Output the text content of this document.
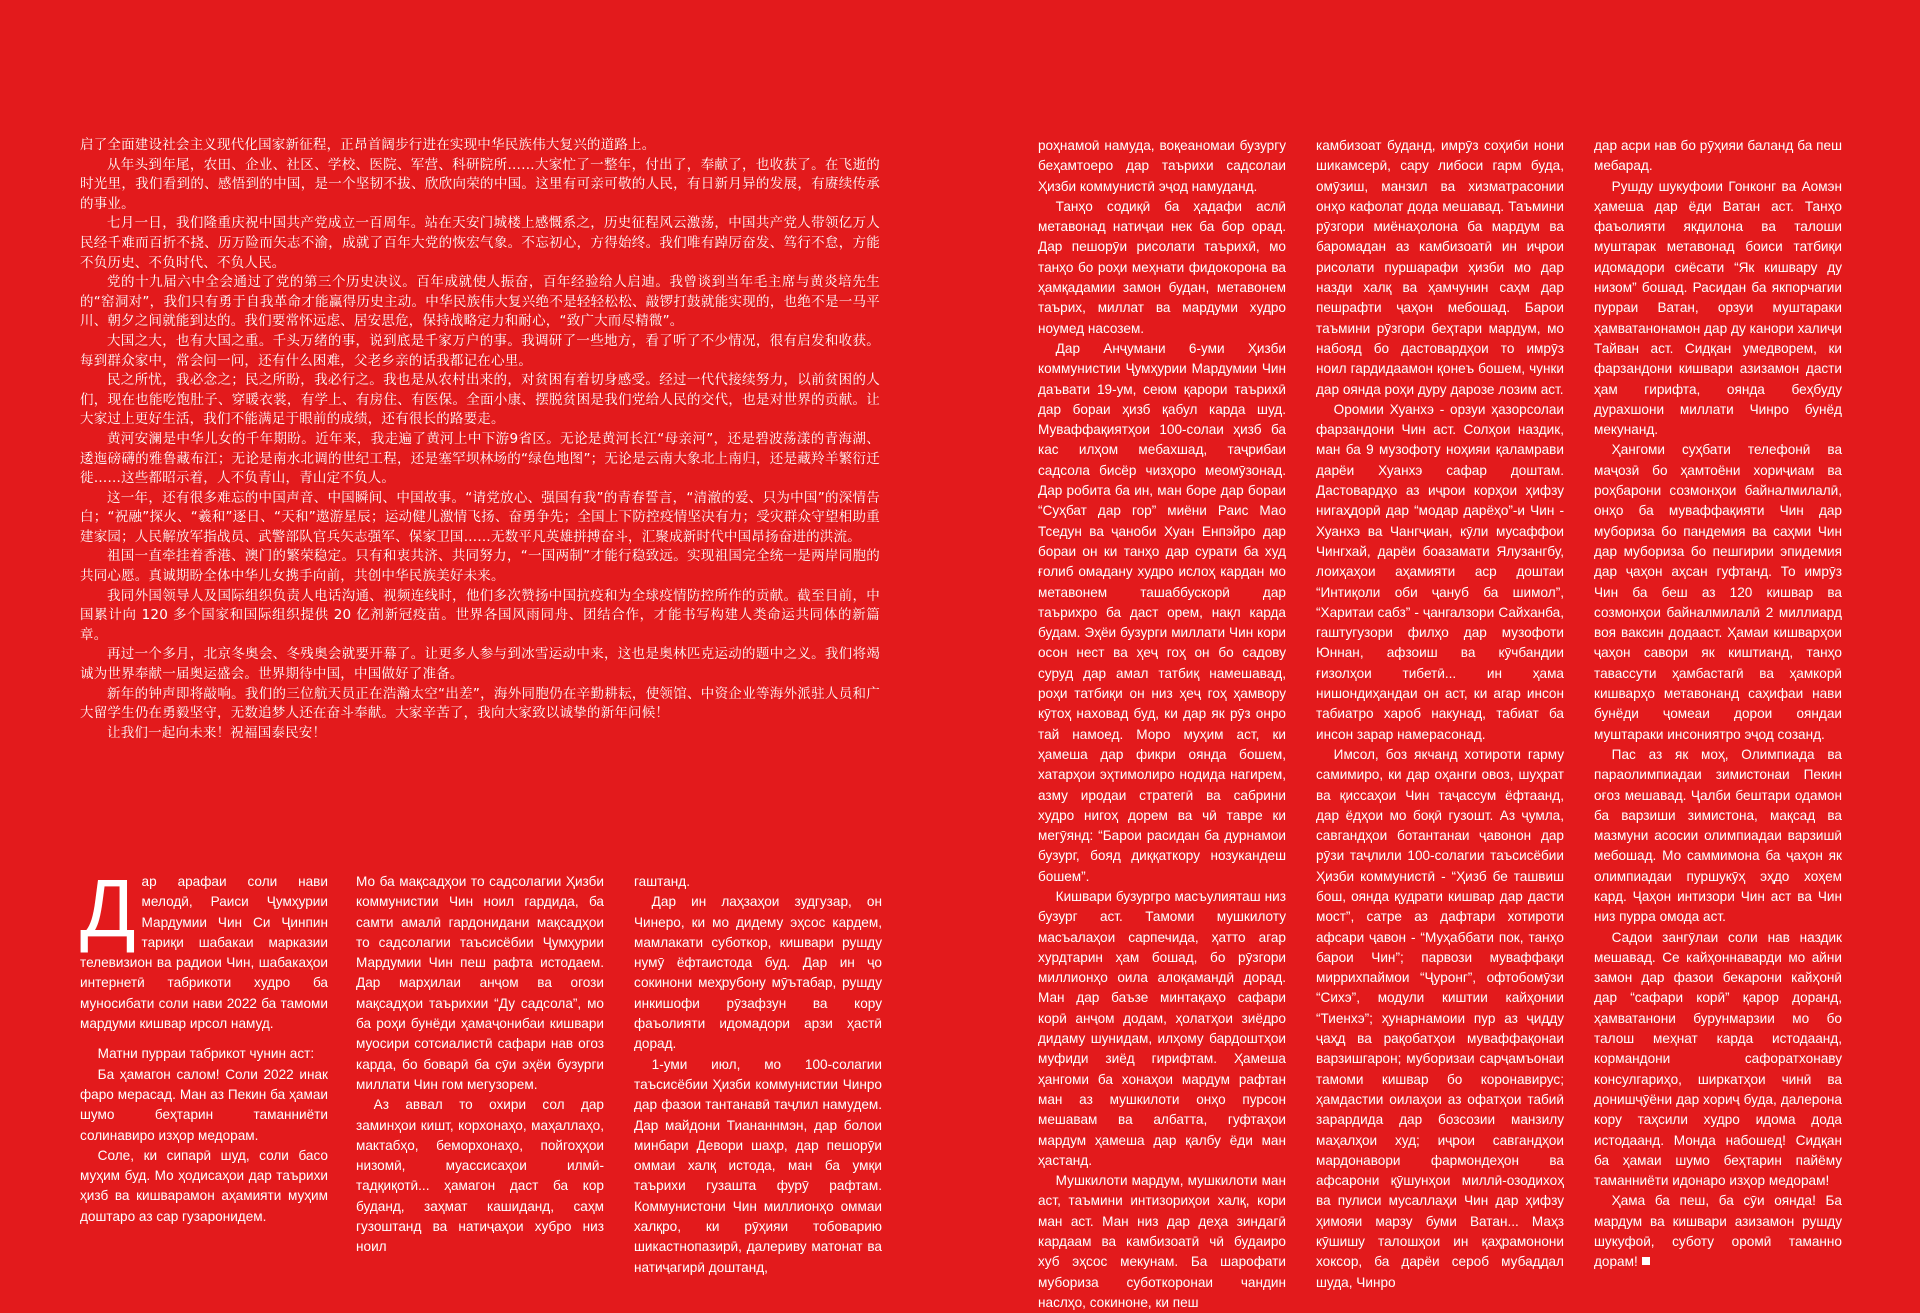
启了全面建设社会主义现代化国家新征程，正昂首阔步行进在实现中华民族伟大复兴的道路上。

从年头到年尾，农田、企业、社区、学校、医院、军营、科研院所……大家忙了一整年，付出了，奉献了，也收获了。在飞逝的时光里，我们看到的、感悟到的中国，是一个坚韧不拔、欣欣向荣的中国。这里有可亲可敬的人民，有日新月异的发展，有赓续传承的事业。

七月一日，我们隆重庆祝中国共产党成立一百周年。站在天安门城楼上感慨系之，历史征程风云激荡，中国共产党人带领亿万人民经千难而百折不挠、历万险而矢志不渝，成就了百年大党的恢宏气象。不忘初心，方得始终。我们唯有踔厉奋发、笃行不怠，方能不负历史、不负时代、不负人民。

党的十九届六中全会通过了党的第三个历史决议。百年成就使人振奋，百年经验给人启迪。我曾谈到当年毛主席与黄炎培先生的“窑洞对”，我们只有勇于自我革命才能赢得历史主动。中华民族伟大复兴绝不是轻轻松松、敲锣打鼓就能实现的，也绝不是一马平川、朝夕之间就能到达的。我们要常怀远虑、居安思危，保持战略定力和耐心，“致广大而尽精微”。

大国之大，也有大国之重。千头万绪的事，说到底是千家万户的事。我调研了一些地方，看了听了不少情况，很有启发和收获。每到群众家中，常会问一问，还有什么困难，父老乡亲的话我都记在心里。

民之所忧，我必念之；民之所盼，我必行之。我也是从农村出来的，对贫困有着切身感受。经过一代代接续努力，以前贫困的人们，现在也能吃饱肚子、穿暖衣裳，有学上、有房住、有医保。全面小康、摆脱贫困是我们党给人民的交代，也是对世界的贡献。让大家过上更好生活，我们不能满足于眼前的成绩，还有很长的路要走。

黄河安澜是中华儿女的千年期盼。近年来，我走遍了黄河上中下游9省区。无论是黄河长江“母亲河”，还是碧波荡漾的青海湖、逶迤磅礴的雅鲁藏布江；无论是南水北调的世纪工程，还是塞罕坝林场的“绿色地图”；无论是云南大象北上南归，还是藏羚羊繁衍迁徙……这些都昭示着，人不负青山，青山定不负人。

这一年，还有很多难忘的中国声音、中国瞬间、中国故事。“请党放心、强国有我”的青春誓言，“清澈的爱、只为中国”的深情告白；“祝融”探火、“羲和”逐日、“天和”遨游星辰；运动健儿激情飞扬、奋勇争先；全国上下防控疫情坚决有力；受灾群众守望相助重建家园；人民解放军指战员、武警部队官兵矢志强军、保家卫国……无数平凡英雄拼搏奋斗，汇聚成新时代中国昂扬奋进的洪流。

祖国一直牵挂着香港、澳门的繁荣稳定。只有和衷共济、共同努力，“一国两制”才能行稳致远。实现祖国完全统一是两岸同胞的共同心愿。真诚期盼全体中华儿女携手向前，共创中华民族美好未来。

我同外国领导人及国际组织负责人电话沟通、视频连线时，他们多次赞扬中国抗疫和为全球疫情防控所作的贡献。截至目前，中国累计向 120 多个国家和国际组织提供 20 亿剂新冠疫苗。世界各国风雨同舟、团结合作，才能书写构建人类命运共同体的新篇章。

再过一个多月，北京冬奥会、冬残奥会就要开幕了。让更多人参与到冰雪运动中来，这也是奥林匹克运动的题中之义。我们将竭诚为世界奉献一届奥运盛会。世界期待中国，中国做好了准备。

新年的钟声即将敲响。我们的三位航天员正在浩瀚太空“出差”，海外同胞仍在辛勤耕耘，使领馆、中资企业等海外派驻人员和广大留学生仍在勇毅坚守，无数追梦人还在奋斗奉献。大家辛苦了，我向大家致以诚挚的新年问候！

让我们一起向未来！祝福国泰民安！

Дар арафаи соли нави мелодӣ, Раиси Ҷумҳурии Мардумии Чин Си Ҷинпин тариқи шабакаи марказии телевизион ва радиои Чин, шабакаҳои интернетӣ табрикоти худро ба муносибати соли нави 2022 ба тамоми мардуми кишвар ирсол намуд.

Матни пурраи табрикот чунин аст:

Ба ҳамагон салом! Соли 2022 инак фаро мерасад. Ман аз Пекин ба ҳамаи шумо беҳтарин таманниёти солинавиро изҳор медорам.

Соле, ки сипарӣ шуд, соли басо муҳим буд. Мо ҳодисаҳои дар таърихи ҳизб ва кишварамон аҳамияти муҳим доштаро аз сар гузаронидем.

Мо ба мақсадҳои то садсолагии Ҳизби коммунистии Чин ноил гардида, ба самти амалӣ гардонидани мақсадҳои то садсолагии таъсисёбии Ҷумҳурии Мардумии Чин пеш рафта истодаем. Дар марҳилаи анҷом ва огози мақсадҳои таърихии “Ду садсола”, мо ба роҳи бунёди ҳамаҷонибаи кишвари муосири сотсиалистӣ сафари нав огоз карда, бо боварӣ ба сӯи эҳёи бузурги миллати Чин гом мегузорем.

Аз аввал то охири сол дар заминҳои кишт, корхонаҳо, маҳаллаҳо, мактабҳо, беморхонаҳо, пойгоҳҳои низомӣ, муассисаҳои илмӣ-тадқиқотӣ... ҳамагон даст ба кор буданд, заҳмат кашиданд, саҳм гузоштанд ва натиҷаҳои хубро низ ноил

гаштанд.

Дар ин лаҳзаҳои зудгузар, он Чинеро, ки мо дидему эҳсос кардем, мамлакати суботкор, кишвари рушду нумӯ ёфтаистода буд. Дар ин ҷо сокинони меҳрубону мӯътабар, рушду инкишофи рӯзафзун ва кору фаъолияти идомадори арзи ҳастӣ дорад.

1-уми июл, мо 100-солагии таъсисёбии Ҳизби коммунистии Чинро дар фазои тантанавӣ таҷлил намудем. Дар майдони Тиананнмэн, дар болои минбари Девори шаҳр, дар пешорӯи оммаи халқ истода, ман ба умқи таърихи гузашта фурӯ рафтам. Коммунистони Чин миллионҳо оммаи халқро, ки рӯҳияи тобоварию шикастнопазирӣ, далериву матонат ва натиҷагирӣ доштанд,

роҳнамоӣ намуда, воқеаномаи бузургу беҳамтоеро дар таърихи садсолаи Ҳизби коммунистӣ эҷод намуданд.

Танҳо содиқӣ ба ҳадафи аслӣ метавонад натиҷаи нек ба бор орад. Дар пешорӯи рисолати таърихӣ, мо танҳо бо роҳи меҳнати фидокорона ва ҳамқадамии замон будан, метавонем таърих, миллат ва мардуми худро ноумед насозем.

Дар Анҷумани 6-уми Ҳизби коммунистии Ҷумҳурии Мардумии Чин даъвати 19-ум, сеюм қарори таърихӣ дар бораи ҳизб қабул карда шуд. Муваффақиятҳои 100-солаи ҳизб ба кас илҳом мебахшад, таҷрибаи садсола бисёр чизҳоро меомӯзонад. Дар робита ба ин, ман боре дар бораи “Суҳбат дар гор” миёни Раис Мао Тседун ва ҷаноби Хуан Енпэйро дар бораи он ки танҳо дар сурати ба худ ғолиб омадану худро ислоҳ кардан мо метавонем ташаббускорӣ дар таърихро ба даст орем, нақл карда будам. Эҳёи бузурги миллати Чин кори осон нест ва ҳеҷ гоҳ он бо садову суруд дар амал татбиқ намешавад, роҳи татбиқи он низ ҳеҷ гоҳ ҳамвору кӯтоҳ наховад буд, ки дар як рӯз онро тай намоед. Моро муҳим аст, ки ҳамеша дар фикри оянда бошем, хатарҳои эҳтимолиро нодида нагирем, азму иродаи стратегӣ ва сабрини худро нигоҳ дорем ва чӣ тавре ки мегӯянд: “Барои расидан ба дурнамои бузург, бояд диққаткору нозукандеш бошем”.

Кишвари бузургро масъулияташ низ бузург аст. Тамоми мушкилоту масъалаҳои сарпечида, ҳатто агар хурдтарин ҳам бошад, бо рӯзгори миллионҳо оила алоқамандӣ дорад. Ман дар баъзе минтақаҳо сафари корӣ анҷом додам, ҳолатҳои зиёдро дидаму шунидам, илҳому бардоштҳои муфиди зиёд гирифтам. Ҳамеша ҳангоми ба хонаҳои мардум рафтан ман аз мушкилоти онҳо пурсон мешавам ва албатта, гуфтаҳои мардум ҳамеша дар қалбу ёди ман ҳастанд.

Мушкилоти мардум, мушкилоти ман аст, таъмини интизориҳои халқ, кори ман аст. Ман низ дар деҳа зиндагӣ кардаам ва камбизоатӣ чӣ будаиро хуб эҳсос мекунам. Ба шарофати мубориза суботкоронаи чандин наслҳо, сокиноне, ки пеш

камбизоат буданд, имрӯз соҳиби нони шикамсерӣ, сару либоси гарм буда, омӯзиш, манзил ва хизматрасонии онҳо кафолат дода мешавад. Таъмини рӯзгори миёнаҳолона ба мардум ва баромадан аз камбизоатӣ ин иҷрои рисолати пуршарафи ҳизби мо дар назди халқ ва ҳамчунин саҳм дар пешрафти ҷаҳон мебошад. Барои таъмини рӯзгори беҳтари мардум, мо набояд бо дастовардҳои то имрӯз ноил гардидаамон қонеъ бошем, чунки дар оянда роҳи дуру дарозе лозим аст.

Оромии Хуанхэ - орзуи ҳазорсолаи фарзандони Чин аст. Солҳои наздик, ман ба 9 музофоту ноҳияи қаламрави дарёи Хуанхэ сафар доштам. Дастовардҳо аз иҷрои корҳои ҳифзу нигаҳдорӣ дар “модар дарёҳо”-и Чин - Хуанхэ ва Чангҷиан, кӯли мусаффои Чингхай, дарёи боазамати Ялузангбу, лоиҳаҳои аҳамияти аср доштаи “Интиқоли оби ҷануб ба шимол”, “Харитаи сабз” - ҷангалзори Сайханба, гаштугузори филҳо дар музофоти Юннан, афзоиш ва кӯчбандии ғизолҳои тибетӣ... ин ҳама нишондиҳандаи он аст, ки агар инсон табиатро хароб накунад, табиат ба инсон зарар намерасонад.

Имсол, боз якчанд хотироти гарму самимиро, ки дар оҳанги овоз, шуҳрат ва қиссаҳои Чин таҷассум ёфтаанд, дар ёдҳои мо боқӣ гузошт. Аз ҷумла, савгандҳои ботантанаи ҷавонон дар рӯзи таҷлили 100-солагии таъсисёбии Ҳизби коммунистӣ - “Ҳизб бе ташвиш бош, оянда қудрати кишвар дар дасти мост”, сатре аз дафтари хотироти афсари ҷавон - “Муҳаббати пок, танҳо барои Чин”; парвози муваффақи миррихпаймои “Ҷуронг”, офтобомӯзи “Сихэ”, модули киштии кайҳонии “Тиенхэ”; ҳунарнамоии пур аз ҷидду ҷаҳд ва рақобатҳои муваффақонаи варзишгарон; муборизаи сарҷамъонаи тамоми кишвар бо коронавирус; ҳамдастии оилаҳои аз офатҳои табиӣ зарардида дар бозсозии манзилу маҳалҳои худ; иҷрои савгандҳои мардонавори фармондеҳон ва афсарони қӯшунҳои миллӣ-озодихоҳ ва пулиси мусаллаҳи Чин дар ҳифзу ҳимояи марзу буми Ватан... Маҳз кӯшишу талошҳои ин қаҳрамонони хоксор, ба дарёи сероб мубаддал шуда, Чинро

дар асри нав бо рӯҳияи баланд ба пеш мебарад.

Рушду шукуфоии Гонконг ва Аомэн ҳамеша дар ёди Ватан аст. Танҳо фаъолияти якдилона ва талоши муштарак метавонад боиси татбиқи идомадори сиёсати “Як кишвару ду низом” бошад. Расидан ба якпорчагии пурраи Ватан, орзуи муштараки ҳамватанонамон дар ду канори халиҷи Тайван аст. Сидқан умедворем, ки фарзандони кишвари азизамон дасти ҳам гирифта, оянда беҳбуду дурахшони миллати Чинро бунёд мекунанд.

Ҳангоми суҳбати телефонӣ ва маҷозӣ бо ҳамтоёни хориҷиам ва роҳбарони созмонҳои байналмилалӣ, онҳо ба муваффақияти Чин дар мубориза бо пандемия ва саҳми Чин дар мубориза бо пешгирии эпидемия дар ҷаҳон аҳсан гуфтанд. То имрӯз Чин ба беш аз 120 кишвар ва созмонҳои байналмилалӣ 2 миллиард воя ваксин додааст. Ҳамаи кишварҳои ҷаҳон савори як киштианд, танҳо тавассути ҳамбастагӣ ва ҳамкорӣ кишварҳо метавонанд саҳифаи нави бунёди ҷомеаи дорои ояндаи муштараки инсониятро эҷод созанд.

Пас аз як моҳ, Олимпиада ва параолимпиадаи зимистонаи Пекин оғоз мешавад. Ҷалби бештари одамон ба варзиши зимистона, мақсад ва мазмуни асосии олимпиадаи варзишӣ мебошад. Мо саммимона ба ҷаҳон як олимпиадаи пуршукӯҳ эҳдо хоҳем кард. Ҷаҳон интизори Чин аст ва Чин низ пурра омода аст.

Садои зангӯлаи соли нав наздик мешавад. Се кайҳоннаварди мо айни замон дар фазои бекарони кайҳонӣ дар “сафари корӣ” қарор доранд, ҳамватанони бурунмарзии мо бо талош меҳнат карда истодаанд, кормандони сафоратхонаву консулгариҳо, ширкатҳои чинӣ ва донишҷӯёни дар хориҷ буда, далерона кору таҳсили худро идома дода истодаанд. Монда набошед! Сидқан ба ҳамаи шумо беҳтарин пайёму таманниёти идонаро изҳор медорам!

Ҳама ба пеш, ба сӯи оянда! Ба мардум ва кишвари азизамон рушду шукуфоӣ, суботу оромӣ таманно дорам!
